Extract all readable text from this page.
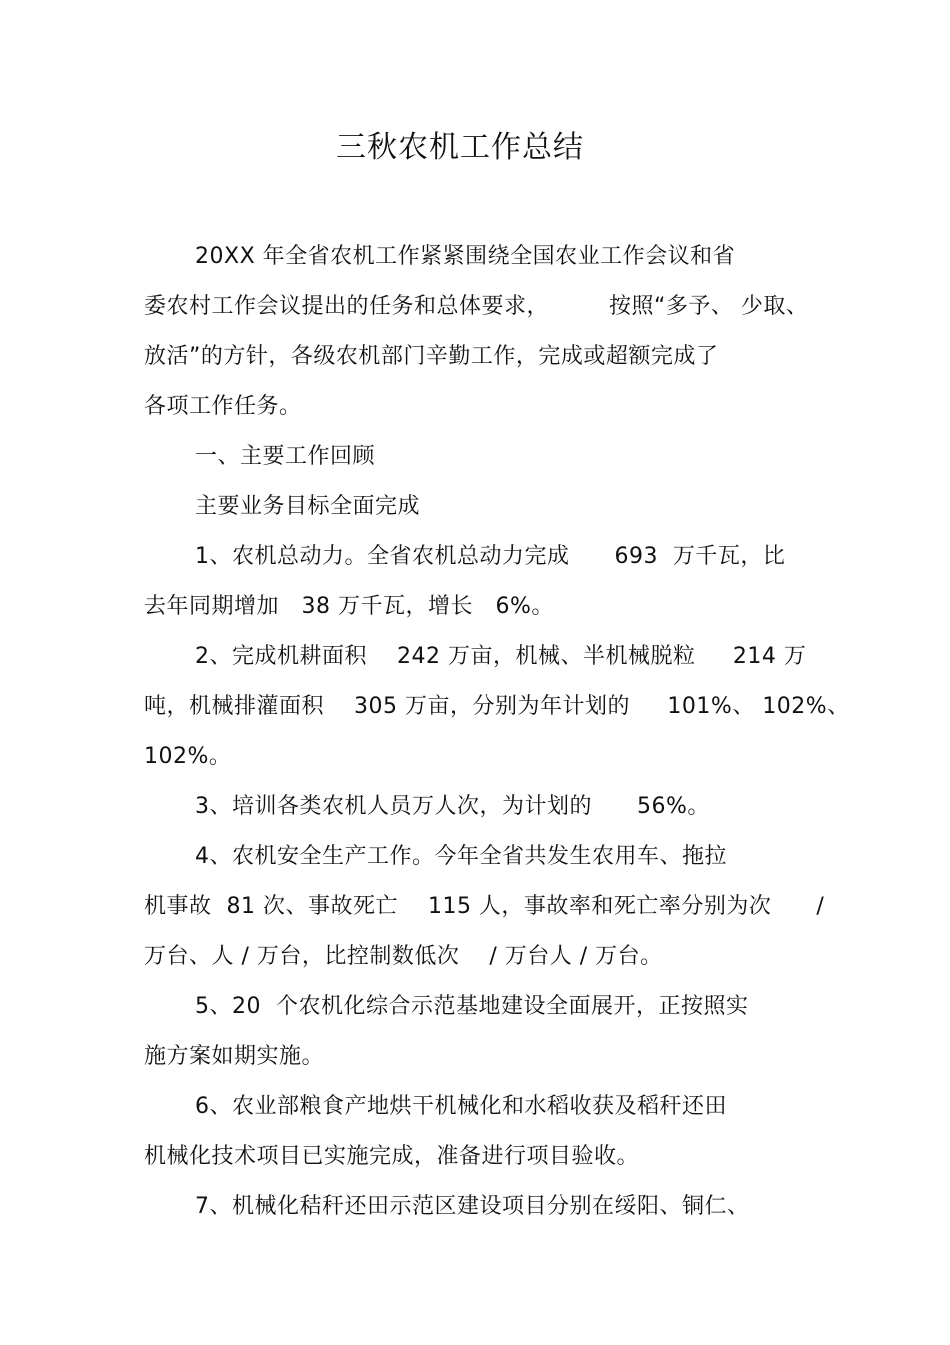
三秋农机工作总结
20XX 年全省农机工作紧紧围绕全国农业工作会议和省
委农村工作会议提出的任务和总体要求，        按照“多予、 少取、
放活”的方针，各级农机部门辛勤工作，完成或超额完成了
各项工作任务。
一、主要工作回顾
主要业务目标全面完成
1、农机总动力。全省农机总动力完成      693  万千瓦，比
去年同期增加   38 万千瓦，增长   6%。
2、完成机耕面积    242 万亩，机械、半机械脱粒     214 万
吨，机械排灌面积    305 万亩，分别为年计划的     101%、 102%、
102%。
3、培训各类农机人员万人次，为计划的      56%。
4、农机安全生产工作。今年全省共发生农用车、拖拉
机事故  81 次、事故死亡    115 人，事故率和死亡率分别为次      /
万台、人 / 万台，比控制数低次    / 万台人 / 万台。
5、20  个农机化综合示范基地建设全面展开，正按照实
施方案如期实施。
6、农业部粮食产地烘干机械化和水稻收获及稻秆还田
机械化技术项目已实施完成，准备进行项目验收。
7、机械化秸秆还田示范区建设项目分别在绥阳、铜仁、
